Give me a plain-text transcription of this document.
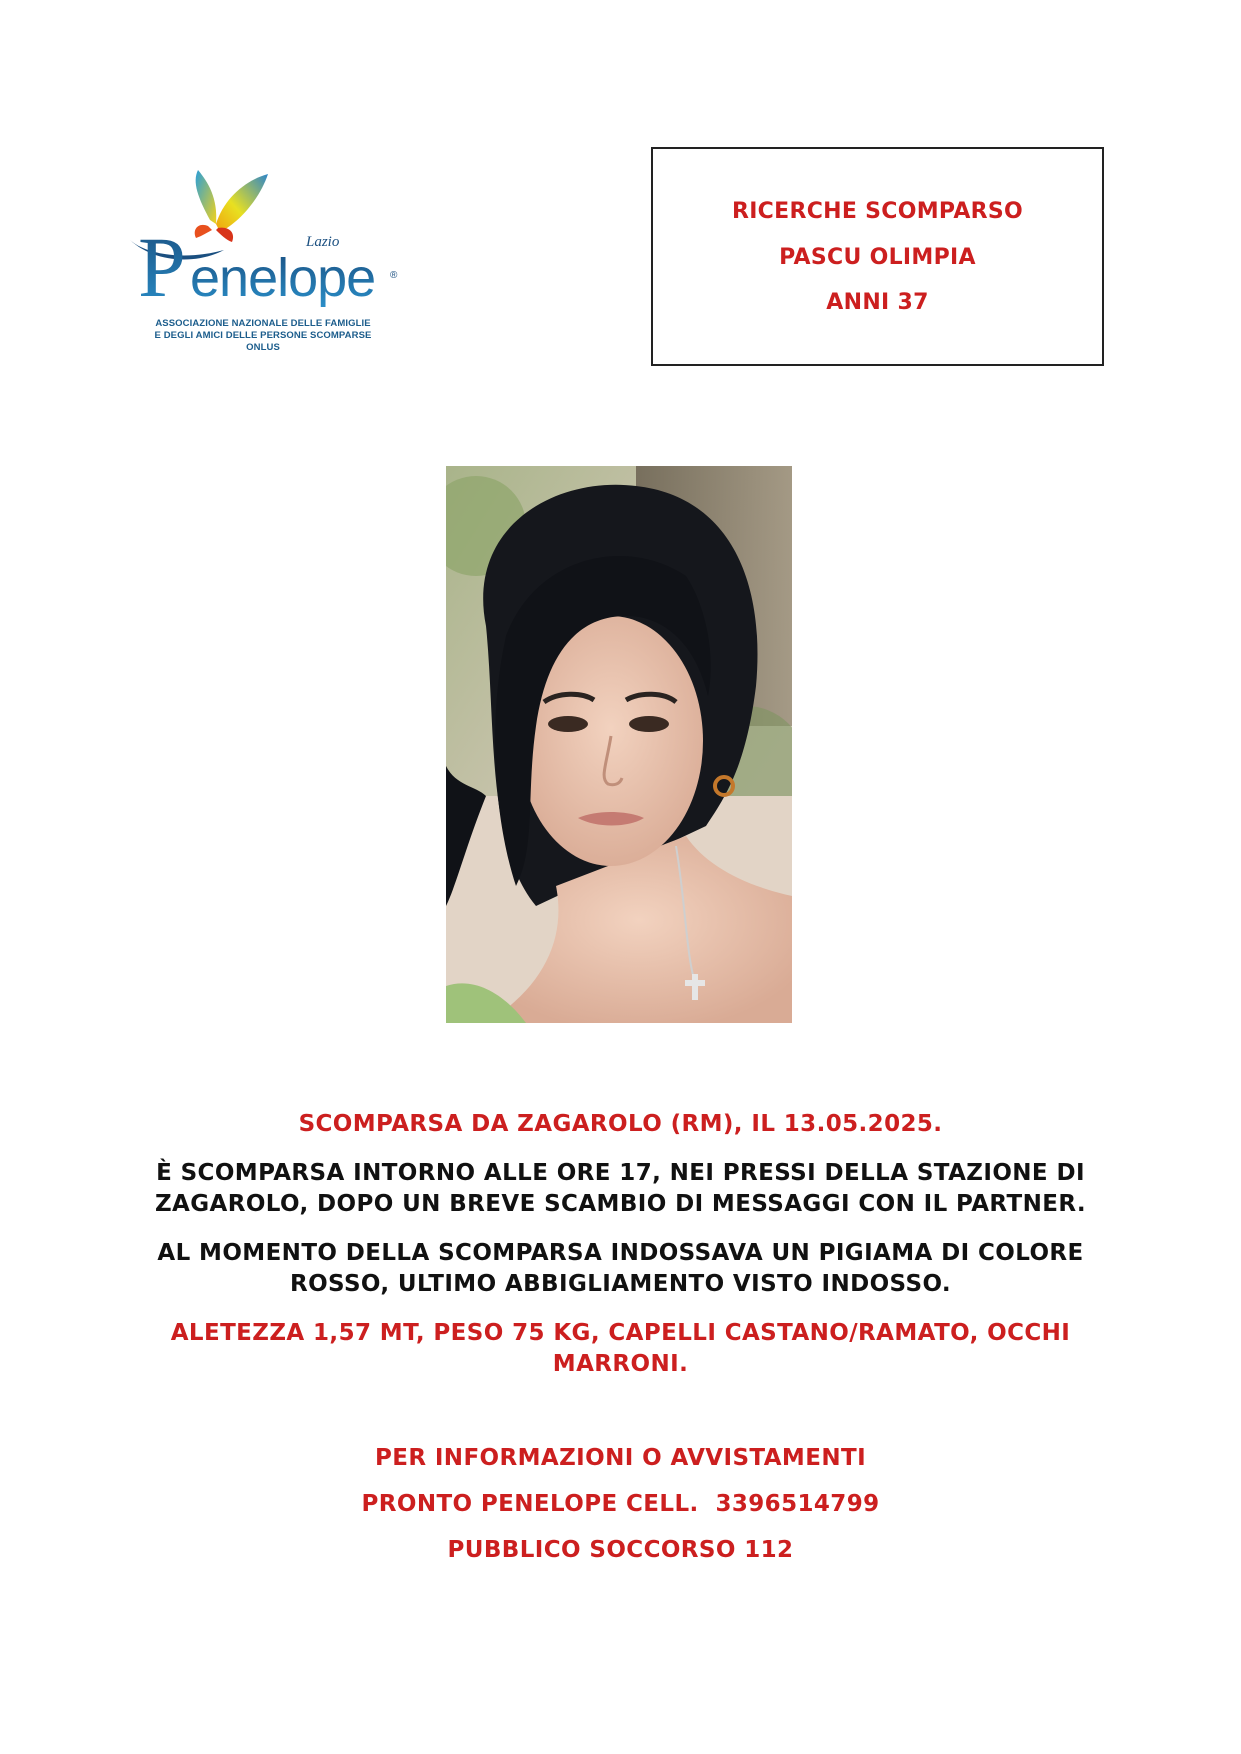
P enelope
Lazio
®
ASSOCIAZIONE NAZIONALE DELLE FAMIGLIE
E DEGLI AMICI DELLE PERSONE SCOMPARSE
ONLUS
RICERCHE SCOMPARSO
PASCU OLIMPIA
ANNI 37
SCOMPARSA DA ZAGAROLO (RM), IL 13.05.2025.
È SCOMPARSA INTORNO ALLE ORE 17, NEI PRESSI DELLA STAZIONE DI ZAGAROLO, DOPO UN BREVE SCAMBIO DI MESSAGGI CON IL PARTNER.
AL MOMENTO DELLA SCOMPARSA INDOSSAVA UN PIGIAMA DI COLORE ROSSO, ULTIMO ABBIGLIAMENTO VISTO INDOSSO.
ALETEZZA 1,57 MT, PESO 75 KG, CAPELLI CASTANO/RAMATO, OCCHI MARRONI.
PER INFORMAZIONI O AVVISTAMENTI
PRONTO PENELOPE CELL.  3396514799
PUBBLICO SOCCORSO 112
